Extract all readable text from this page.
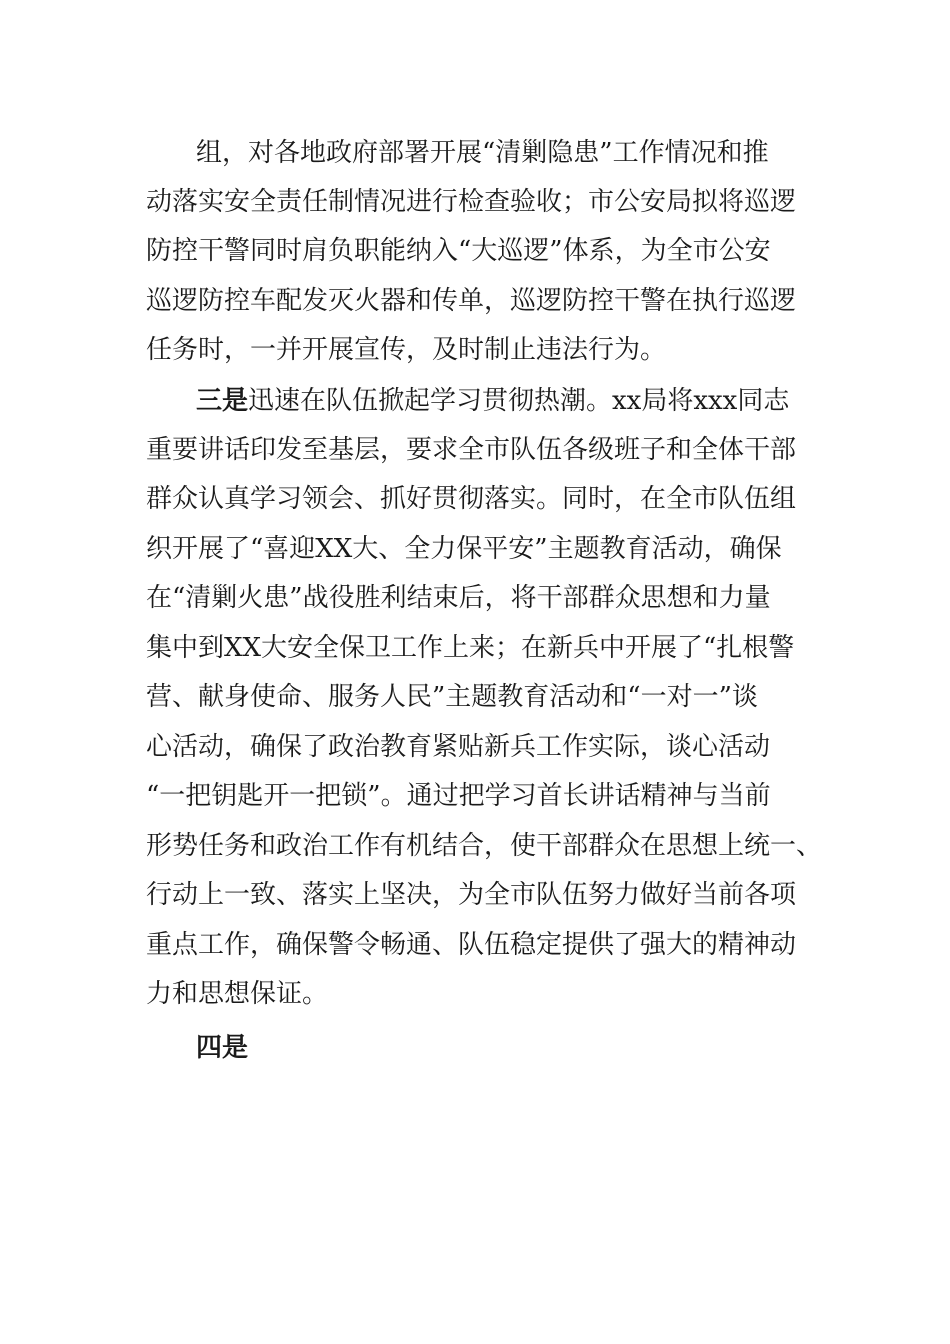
组，对各地政府部署开展“清剿隐患”工作情况和推
动落实安全责任制情况进行检查验收；市公安局拟将巡逻
防控干警同时肩负职能纳入“大巡逻”体系，为全市公安
巡逻防控车配发灭火器和传单，巡逻防控干警在执行巡逻
任务时，一并开展宣传，及时制止违法行为。
三是迅速在队伍掀起学习贯彻热潮。xx局将xxx同志
重要讲话印发至基层，要求全市队伍各级班子和全体干部
群众认真学习领会、抓好贯彻落实。同时，在全市队伍组
织开展了“喜迎XX大、全力保平安”主题教育活动，确保
在“清剿火患”战役胜利结束后，将干部群众思想和力量
集中到XX大安全保卫工作上来；在新兵中开展了“扎根警
营、献身使命、服务人民”主题教育活动和“一对一”谈
心活动，确保了政治教育紧贴新兵工作实际，谈心活动
“一把钥匙开一把锁”。通过把学习首长讲话精神与当前
形势任务和政治工作有机结合，使干部群众在思想上统一、
行动上一致、落实上坚决，为全市队伍努力做好当前各项
重点工作，确保警令畅通、队伍稳定提供了强大的精神动
力和思想保证。
四是
